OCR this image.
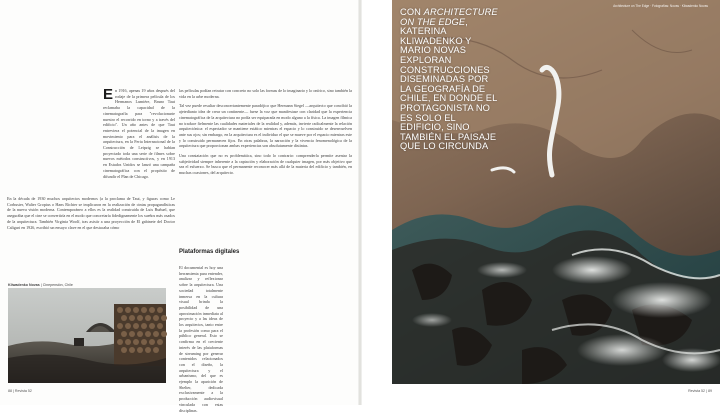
En 1916, apenas 19 años después del rodaje de la primera película de los Hermanos Lumière, Bruno Taut reclamaba la capacidad de la cinematografía para "revolucionarte nuestro el recorrido en torno y a través del edificio". Un año antes de que Taut entreviera el potencial de la imagen en movimiento para el análisis de la arquitectura, en la Feria Internacional de la Construcción de Leipzig se habían proyectado toda una serie de filmes sobre nuevos métodos constructivos, y en 1913 en Estados Unidos se lanzó una campaña cinematográfica con el propósito de difundir el Plan de Chicago.

En la década de 1930 muchos arquitectos modernos (a la proclama de Taut, y figuras como Le Corbusier, Walter Gropius o Hans Richter se implicaron en la realización de cintas propagandísticas de la nueva visión moderna. Contemporáneo a ellos es la realidad construida de Luis Buñuel, que asegurába que el cine se convertiría en el modo que concretaría fidedignamente los sueños más osados de la arquitectura. También Virginia Woolf, tras asistir a una proyección de El gabinete del Doctor Caligari en 1926, escribió un ensayo clave en el que destacaba cómo

las películas podían retratar con concreto no solo las formas de lo imaginario y lo onírico, sino también la vida en la urbe moderna.

Tal vez puede resultar desconcertantemente paradójico que Hermann Siegel —arquitecto que concibió la ajetedianto idea de crear un continente— fuese la voz que manifestase con claridad que la experiencia cinematográfica de la arquitectura no podía ser equiparada en modo alguno a la física. La imagen fílmica no traduce fielmente las cualidades materiales de la realidad y, además, invierte radicalmente la relación arquitectónica: el espectador se mantiene estático mientras el espacio y lo construido se desenvuelven ante sus ojos; sin embargo, en la arquitectura es el individuo el que se mueve por el espacio mientras este y lo construido permanecen fijos. En otras palabras, la narración y la vivencia fenomenológica de la arquitectura que proporcionan ambas experiencias son absolutamente distintas.

Una constatación que no es problemática, sino todo lo contrario: comprenderla permite asentar la subjetividad siempre inherente a la captación y elaboración de cualquier imagen, por más objetivo que sea el esfuerzo. Se busca que el permanente reconocer más allá de la materia del edificio y también, en muchas ocasiones, del arquitecto.

Plataformas digitales

El documental es hoy una herramienta para entender, analizar y reflexionar sobre la arquitectura. Una sociedad totalmente inmersa en la cultura visual brinda la posibilidad de una aproximación inmediata al proyecto y a las ideas de los arquitectos, tanto entre la profesión como para el público general. Esto se confirma en el creciente interés de las plataformas de streaming por generar contenidos relacionados con el diseño, la arquitectura y el urbanismo, del que es ejemplo la aparición de Shelter, dedicada exclusivamente a la producción audiovisual vinculada con estas disciplinas.

Kliwadenko Novas | Cinepensión, Chile
88 | Revista 52	Revista 52 | 89
CON ARCHITECTURE ON THE EDGE, KATERINA KLIWADENKO Y MARIO NOVAS EXPLORAN CONSTRUCCIONES DISEMINADAS POR LA GEOGRAFÍA DE CHILE, EN DONDE EL PROTAGONISTA NO ES SOLO EL EDIFICIO, SINO TAMBIÉN EL PAISAJE QUE LO CIRCUNDA
Architecture on The Edge · Fotografías: Novas · Kliwadenko Novas
